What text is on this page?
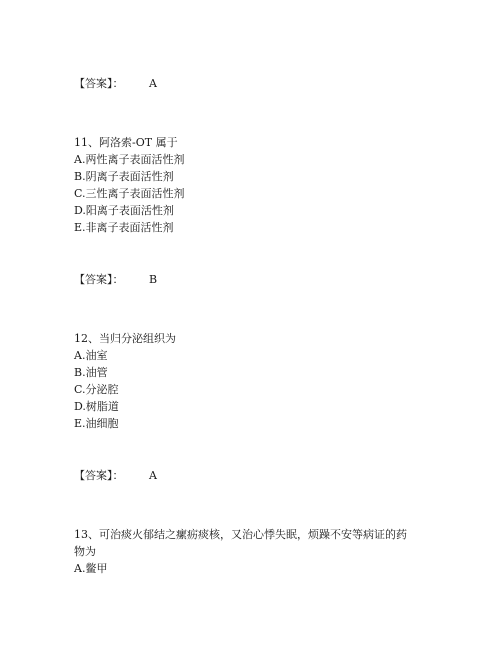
【答案】： A
11、阿洛索-OT 属于
A.两性离子表面活性剂
B.阴离子表面活性剂
C.三性离子表面活性剂
D.阳离子表面活性剂
E.非离子表面活性剂
【答案】： B
12、当归分泌组织为
A.油室
B.油管
C.分泌腔
D.树脂道
E.油细胞
【答案】： A
13、可治痰火郁结之瘰疬痰核，又治心悸失眠，烦躁不安等病证的药
物为
A.鳖甲
